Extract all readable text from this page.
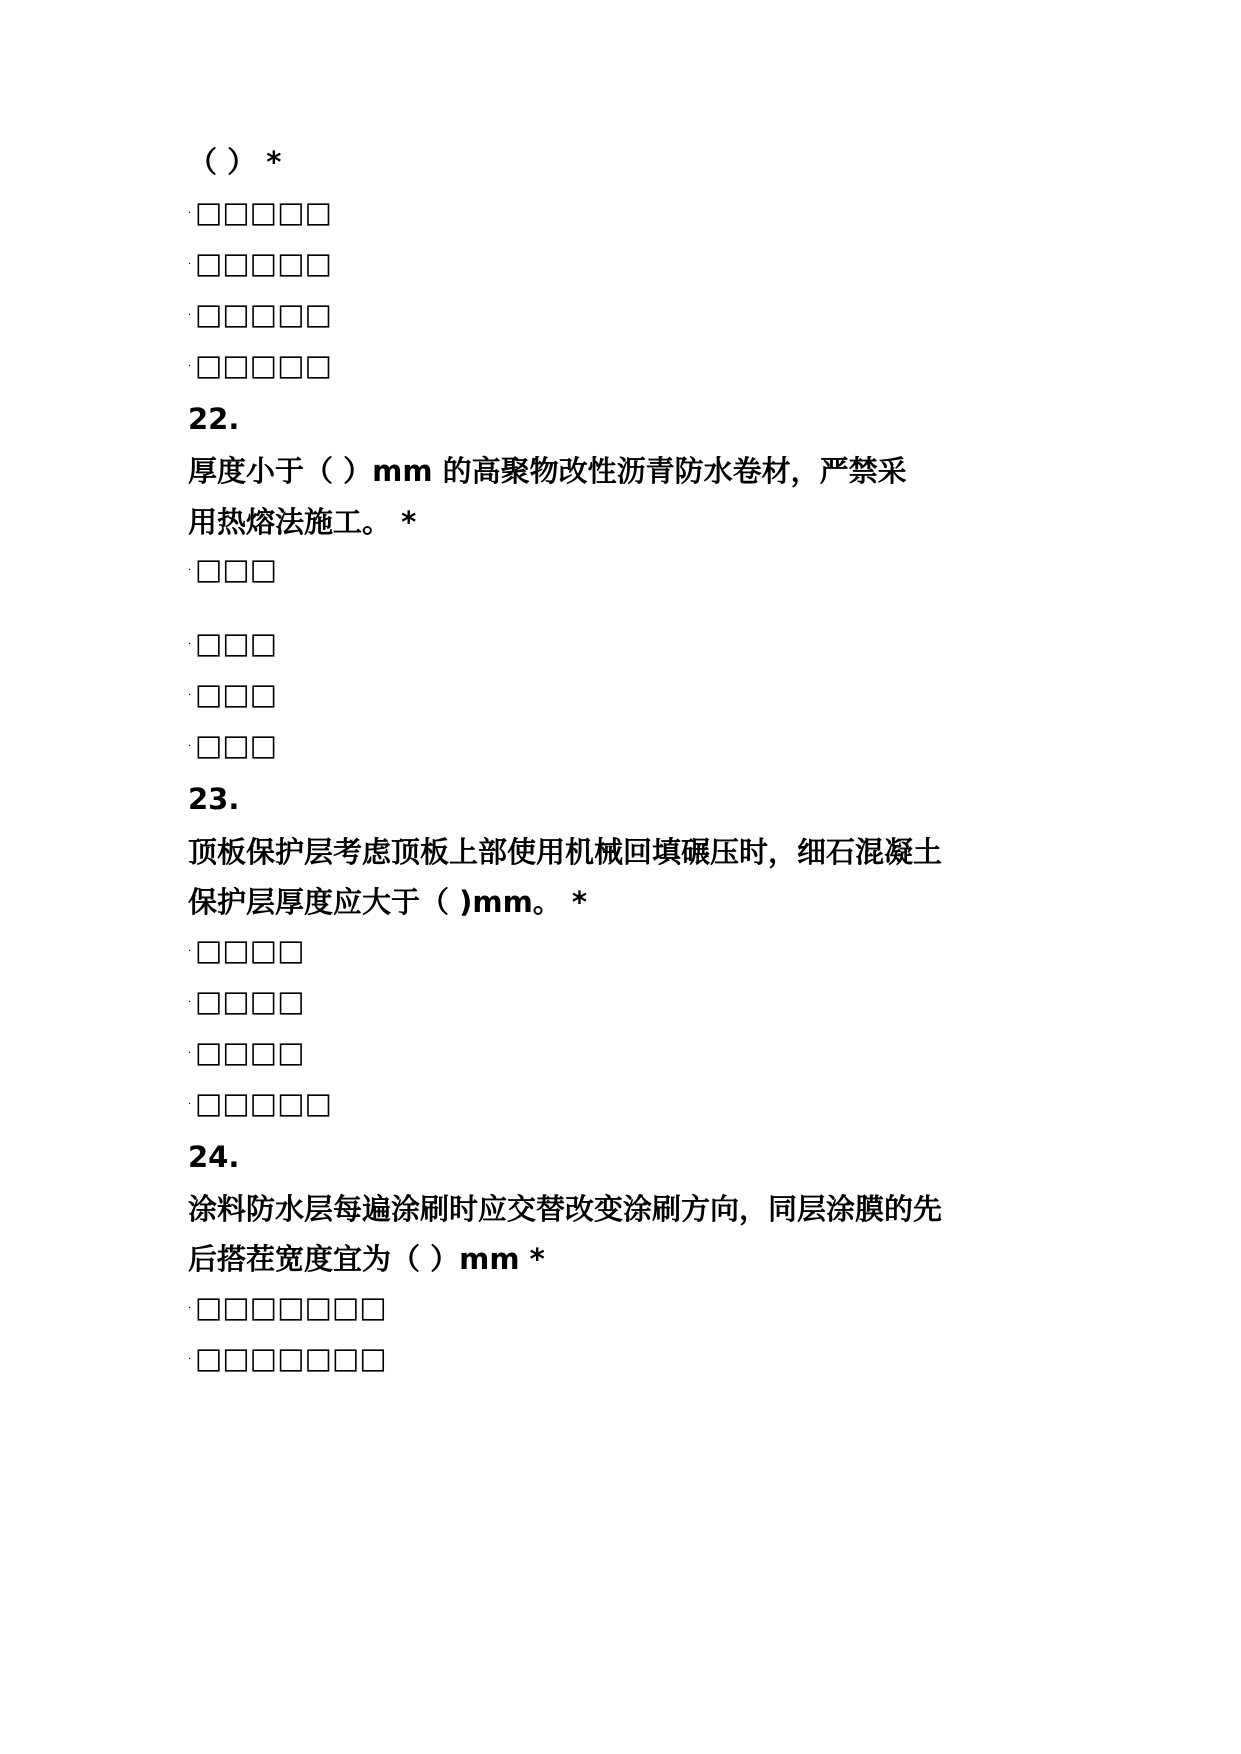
（ ） *
· □□□□□
· □□□□□
· □□□□□
· □□□□□
22.
厚度小于（ ）mm 的高聚物改性沥青防水卷材，严禁采
用热熔法施工。 *
· □□□
· □□□
· □□□
· □□□
23.
顶板保护层考虑顶板上部使用机械回填碾压时，细石混凝土
保护层厚度应大于（ )mm。 *
· □□□□
· □□□□
· □□□□
· □□□□□
24.
涂料防水层每遍涂刷时应交替改变涂刷方向，同层涂膜的先
后搭茬宽度宜为（ ）mm *
· □□□□□□□
· □□□□□□□
